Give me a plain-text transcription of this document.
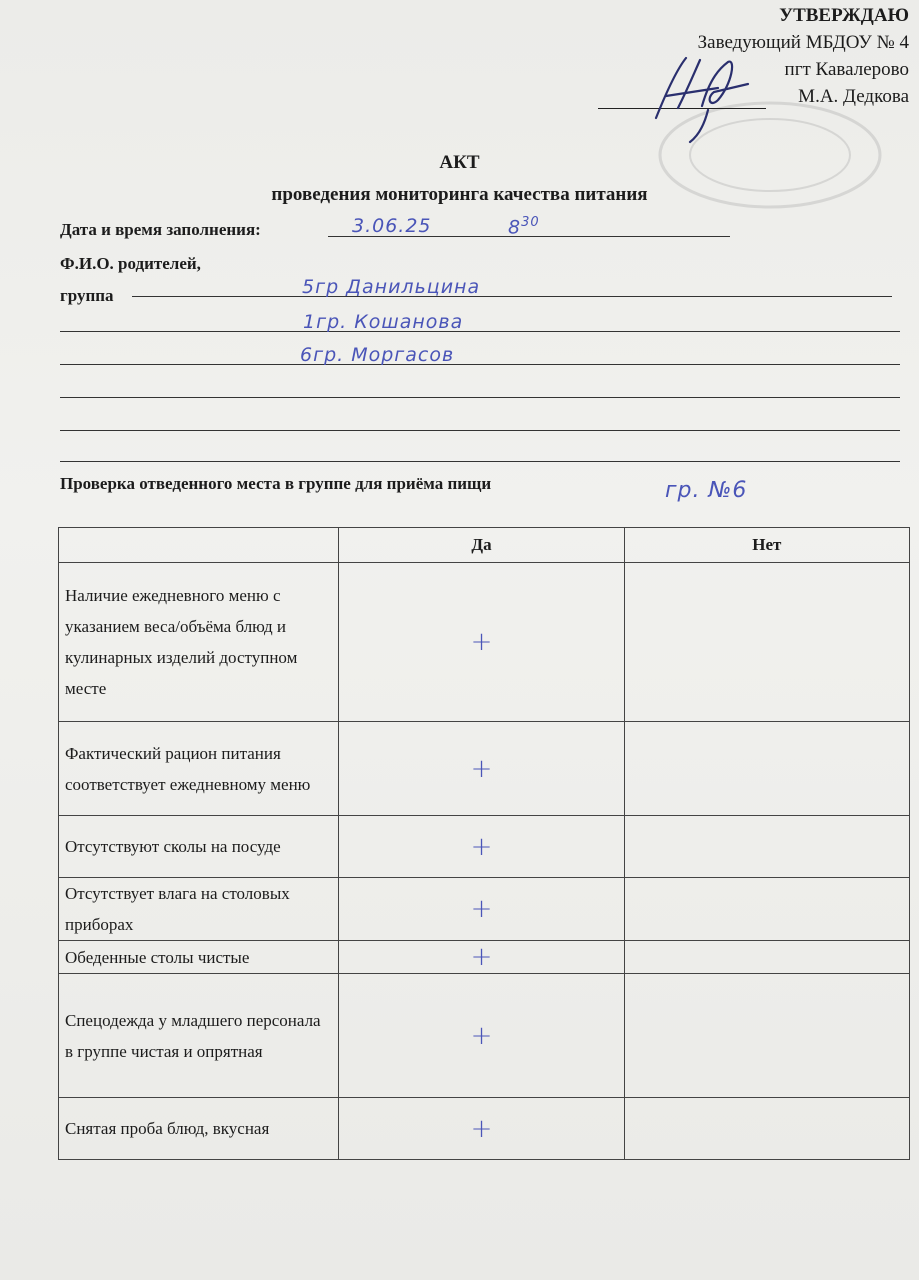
УТВЕРЖДАЮ
Заведующий МБДОУ № 4
пгт Кавалерово
М.А. Дедкова
АКТ
проведения мониторинга качества питания
Дата и время заполнения:	3.06.25	$8^{30}$
Ф.И.О. родителей,
группа	5гр Данильцина
1гр. Кошанова
6гр. Моргасов
Проверка отведенного места в группе для приёма пищи	гр. №6
	Да	Нет
Наличие ежедневного меню с указанием веса/объёма блюд и кулинарных изделий доступном месте	+	
Фактический рацион питания соответствует ежедневному меню	+	
Отсутствуют сколы на посуде	+	
Отсутствует влага на столовых приборах	+	
Обеденные столы чистые	+	
Спецодежда у младшего персонала в группе чистая и опрятная	+	
Снятая проба блюд, вкусная	+	
